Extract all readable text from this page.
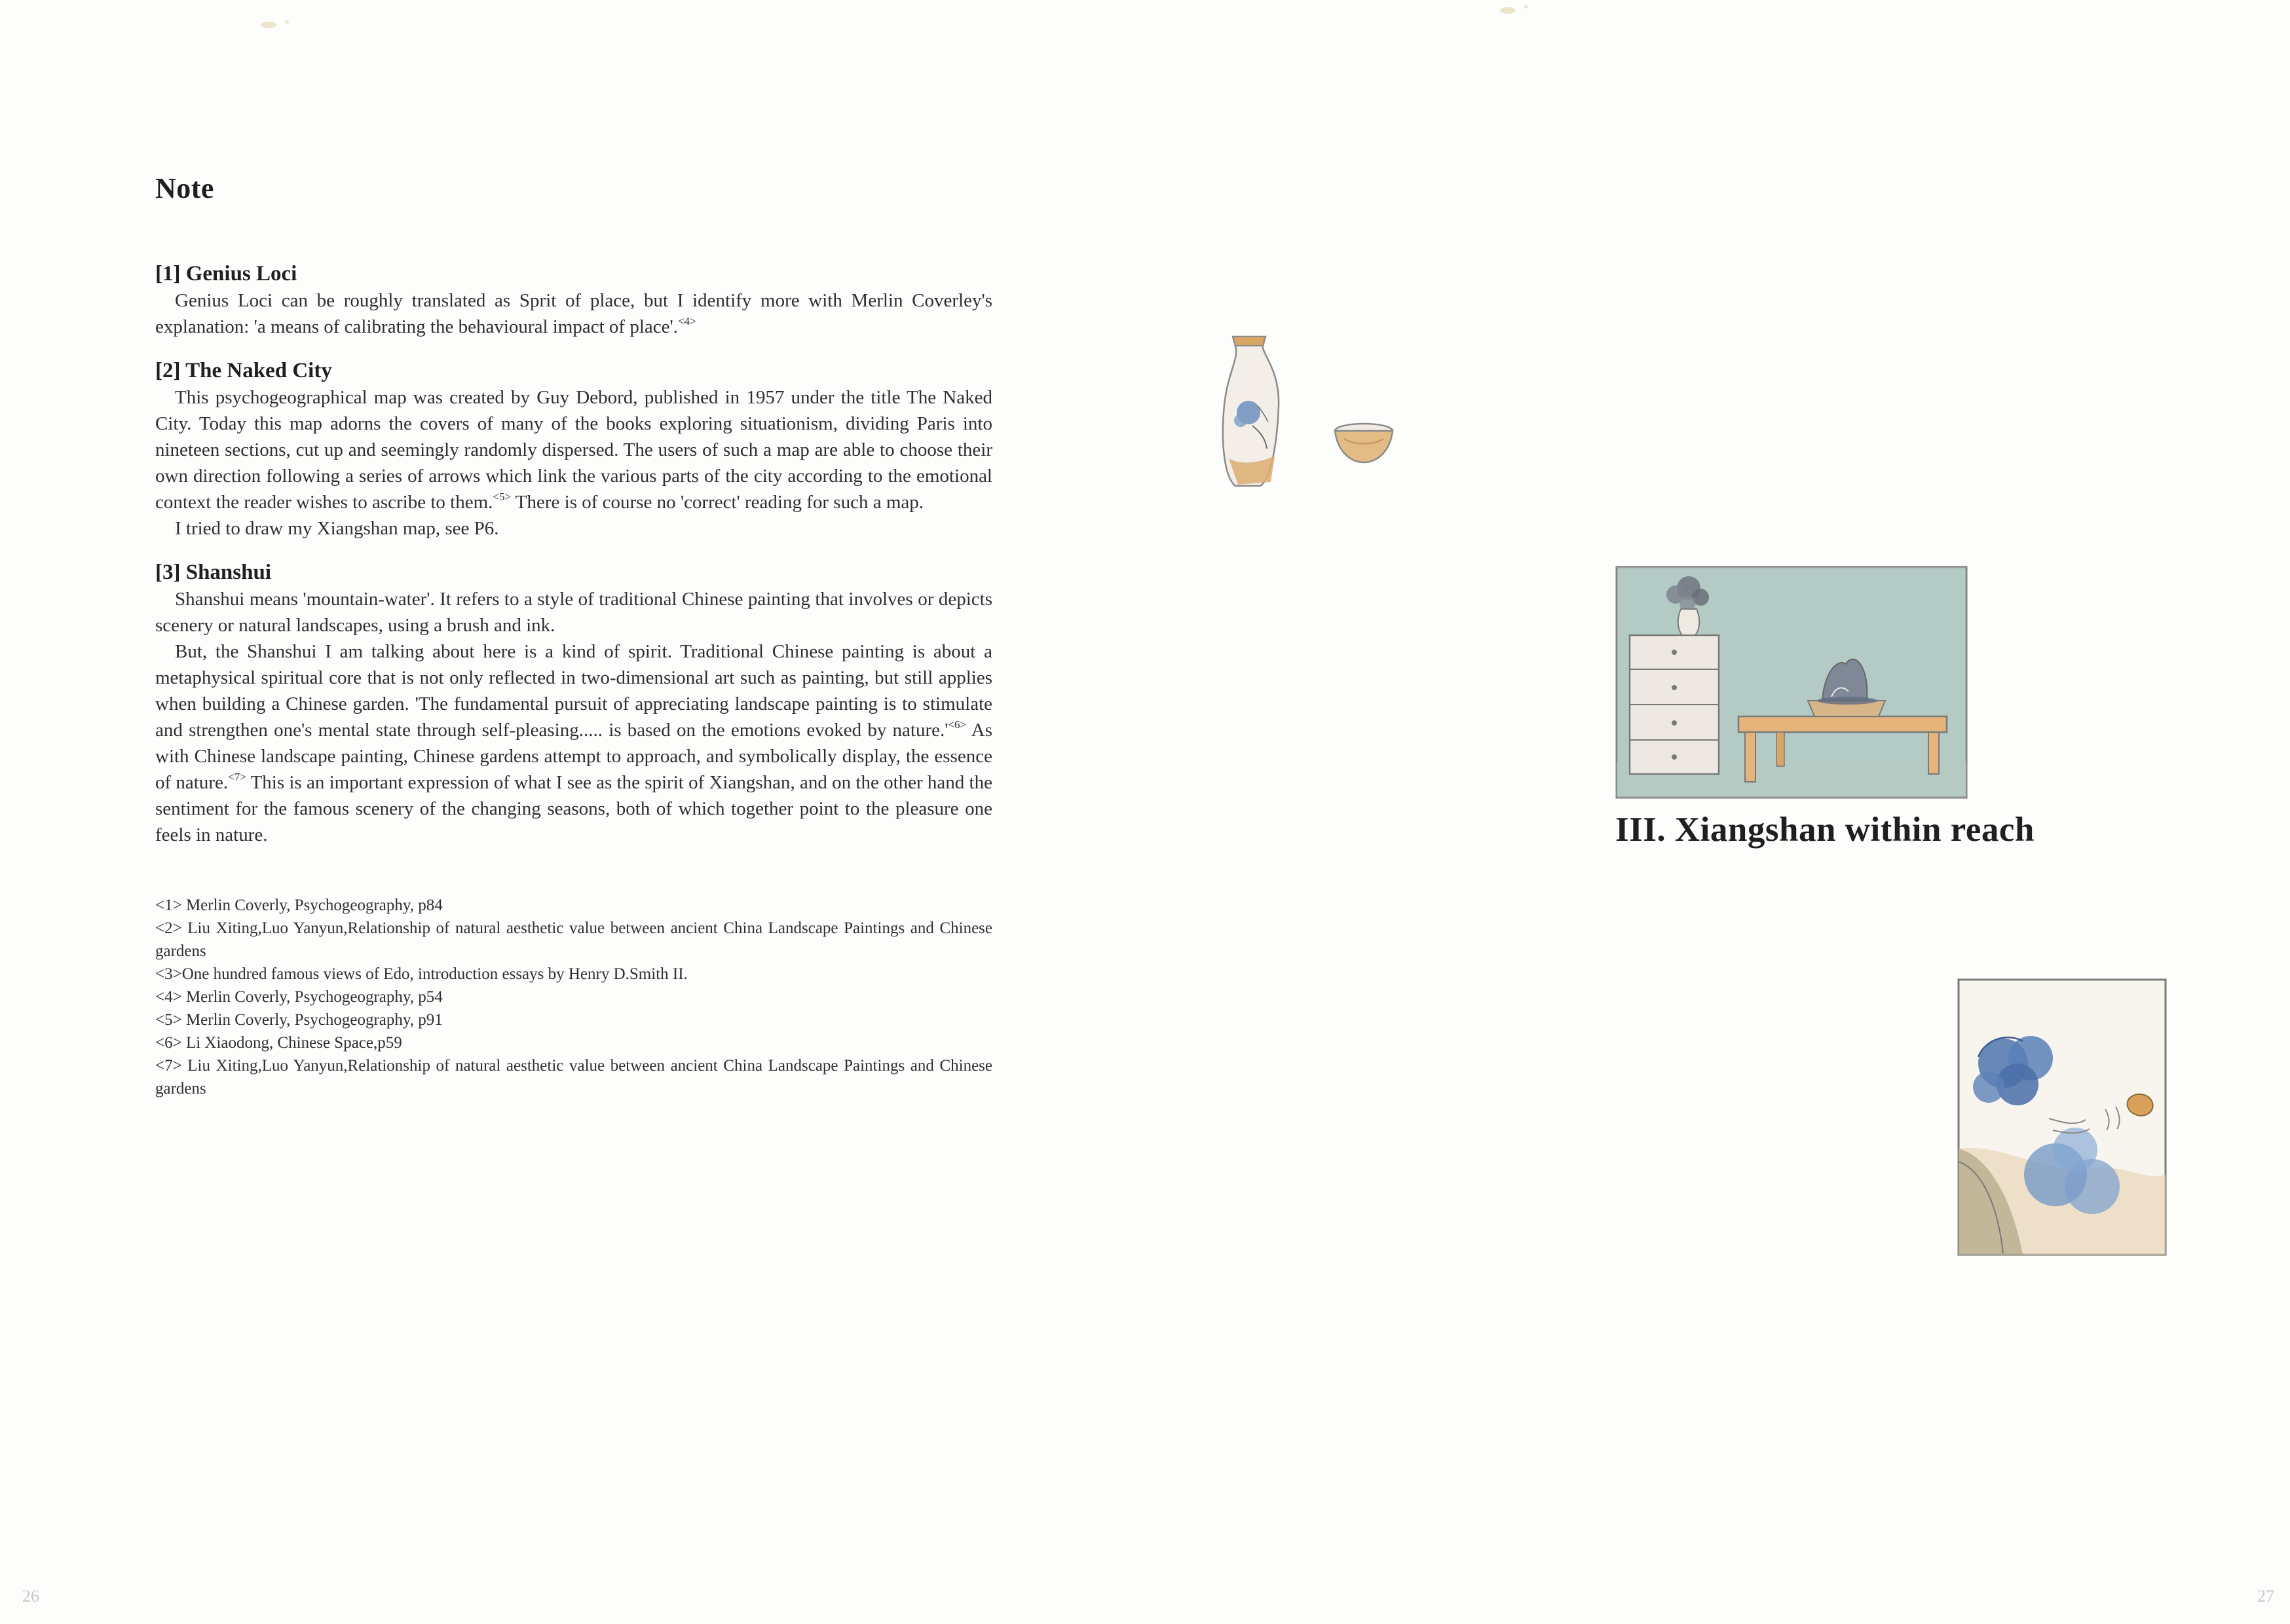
Note
[1] Genius Loci

Genius Loci can be roughly translated as Sprit of place, but I identify more with Merlin Coverley's explanation: 'a means of calibrating the behavioural impact of place'.$^{<4>}$

[2] The Naked City

This psychogeographical map was created by Guy Debord, published in 1957 under the title The Naked City. Today this map adorns the covers of many of the books exploring situationism, dividing Paris into nineteen sections, cut up and seemingly randomly dispersed. The users of such a map are able to choose their own direction following a series of arrows which link the various parts of the city according to the emotional context the reader wishes to ascribe to them.$^{<5>}$ There is of course no 'correct' reading for such a map.

I tried to draw my Xiangshan map, see P6.

[3] Shanshui

Shanshui means 'mountain-water'. It refers to a style of traditional Chinese painting that involves or depicts scenery or natural landscapes, using a brush and ink.

But, the Shanshui I am talking about here is a kind of spirit. Traditional Chinese painting is about a metaphysical spiritual core that is not only reflected in two-dimensional art such as painting, but still applies when building a Chinese garden. 'The fundamental pursuit of appreciating landscape painting is to stimulate and strengthen one's mental state through self-pleasing..... is based on the emotions evoked by $nature.'^{<6>}$ As with Chinese landscape painting, Chinese gardens attempt to approach, and symbolically display, the essence of nature.$^{<7>}$ This is an important expression of what I see as the spirit of Xiangshan, and on the other hand the sentiment for the famous scenery of the changing seasons, both of which together point to the pleasure one feels in nature.

<1> Merlin Coverly, Psychogeography, p84

<2> Liu Xiting,Luo Yanyun,Relationship of natural aesthetic value between ancient China Landscape Paintings and Chinese gardens

<3>One hundred famous views of Edo, introduction essays by Henry D.Smith II.

<4> Merlin Coverly, Psychogeography, p54

<5> Merlin Coverly, Psychogeography, p91

<6> Li Xiaodong, Chinese Space,p59

<7> Liu Xiting,Luo Yanyun,Relationship of natural aesthetic value between ancient China Landscape Paintings and Chinese gardens

26
III. Xiangshan within reach
27
